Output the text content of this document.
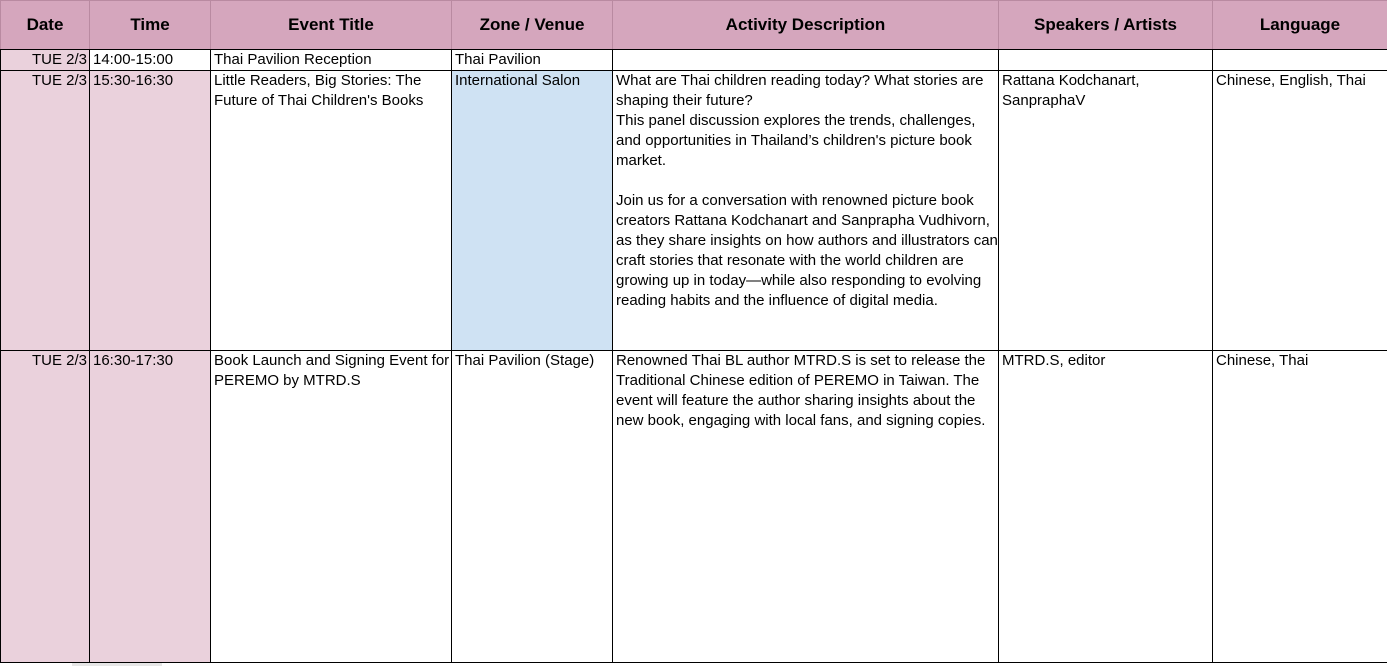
Date	Time	Event Title	Zone / Venue	Activity Description	Speakers / Artists	Language
TUE 2/3	14:00-15:00	Thai Pavilion Reception	Thai Pavilion			
TUE 2/3	15:30-16:30	Little Readers, Big Stories: The Future of Thai Children's Books	International Salon	What are Thai children reading today? What stories are shaping their future?
This panel discussion explores the trends, challenges, and opportunities in Thailand’s children's picture book market.

Join us for a conversation with renowned picture book creators Rattana Kodchanart and Sanprapha Vudhivorn, as they share insights on how authors and illustrators can craft stories that resonate with the world children are growing up in today—while also responding to evolving reading habits and the influence of digital media.	Rattana Kodchanart, SanpraphaV	Chinese, English, Thai
TUE 2/3	16:30-17:30	Book Launch and Signing Event for PEREMO by MTRD.S	Thai Pavilion (Stage)	Renowned Thai BL author MTRD.S is set to release the Traditional Chinese edition of PEREMO in Taiwan. The event will feature the author sharing insights about the new book, engaging with local fans, and signing copies.	MTRD.S, editor	Chinese, Thai
